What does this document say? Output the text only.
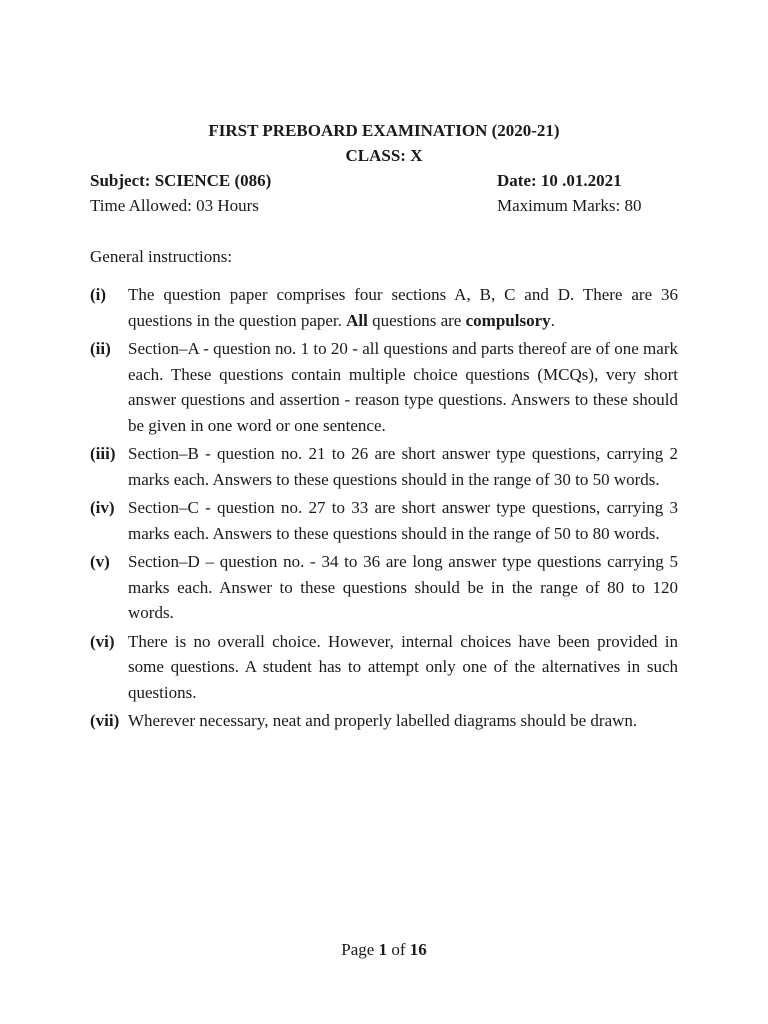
FIRST PREBOARD EXAMINATION (2020-21)
CLASS: X
Subject: SCIENCE (086)	Date: 10 .01.2021
Time Allowed: 03 Hours	Maximum Marks: 80
General instructions:
(i)	The question paper comprises four sections A, B, C and D. There are 36 questions in the question paper. All questions are compulsory.
(ii)	Section–A - question no. 1 to 20 - all questions and parts thereof are of one mark each. These questions contain multiple choice questions (MCQs), very short answer questions and assertion - reason type questions. Answers to these should be given in one word or one sentence.
(iii) Section–B - question no. 21 to 26 are short answer type questions, carrying 2 marks each. Answers to these questions should in the range of 30 to 50 words.
(iv) Section–C - question no. 27 to 33 are short answer type questions, carrying 3 marks each. Answers to these questions should in the range of 50 to 80 words.
(v)	Section–D – question no. - 34 to 36 are long answer type questions carrying 5 marks each. Answer to these questions should be in the range of 80 to 120 words.
(vi) There is no overall choice. However, internal choices have been provided in some questions. A student has to attempt only one of the alternatives in such questions.
(vii) Wherever necessary, neat and properly labelled diagrams should be drawn.
Page 1 of 16
